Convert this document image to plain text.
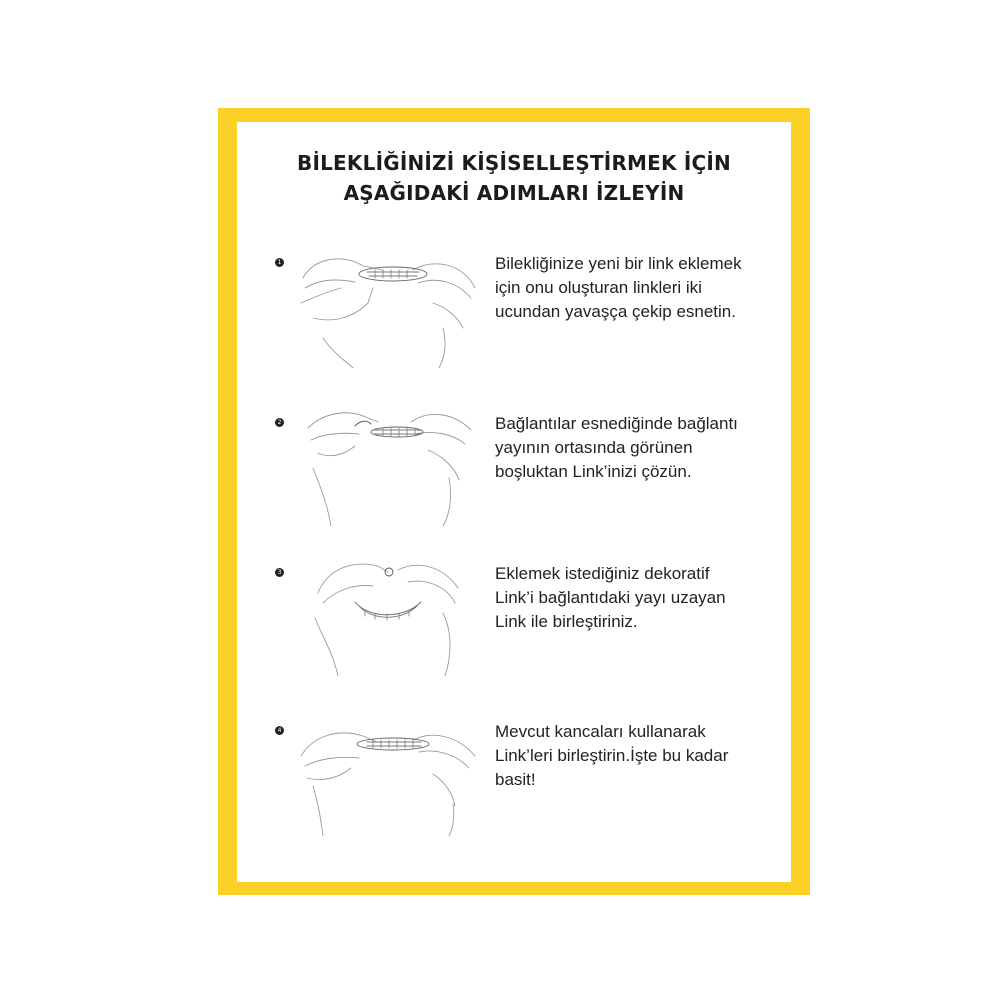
BİLEKLİĞİNİZİ KİŞİSELLEŞTİRMEK İÇİN
AŞAĞIDAKİ ADIMLARI İZLEYİN
1	Bilekliğinize yeni bir link eklemek
için onu oluşturan linkleri iki
ucundan yavaşça çekip esnetin.
2	Bağlantılar esnediğinde bağlantı
yayının ortasında görünen
boşluktan Link’inizi çözün.
3	Eklemek istediğiniz dekoratif
Link’i bağlantıdaki yayı uzayan
Link ile birleştiriniz.
4	Mevcut kancaları kullanarak
Link’leri birleştirin.İşte bu kadar
basit!
